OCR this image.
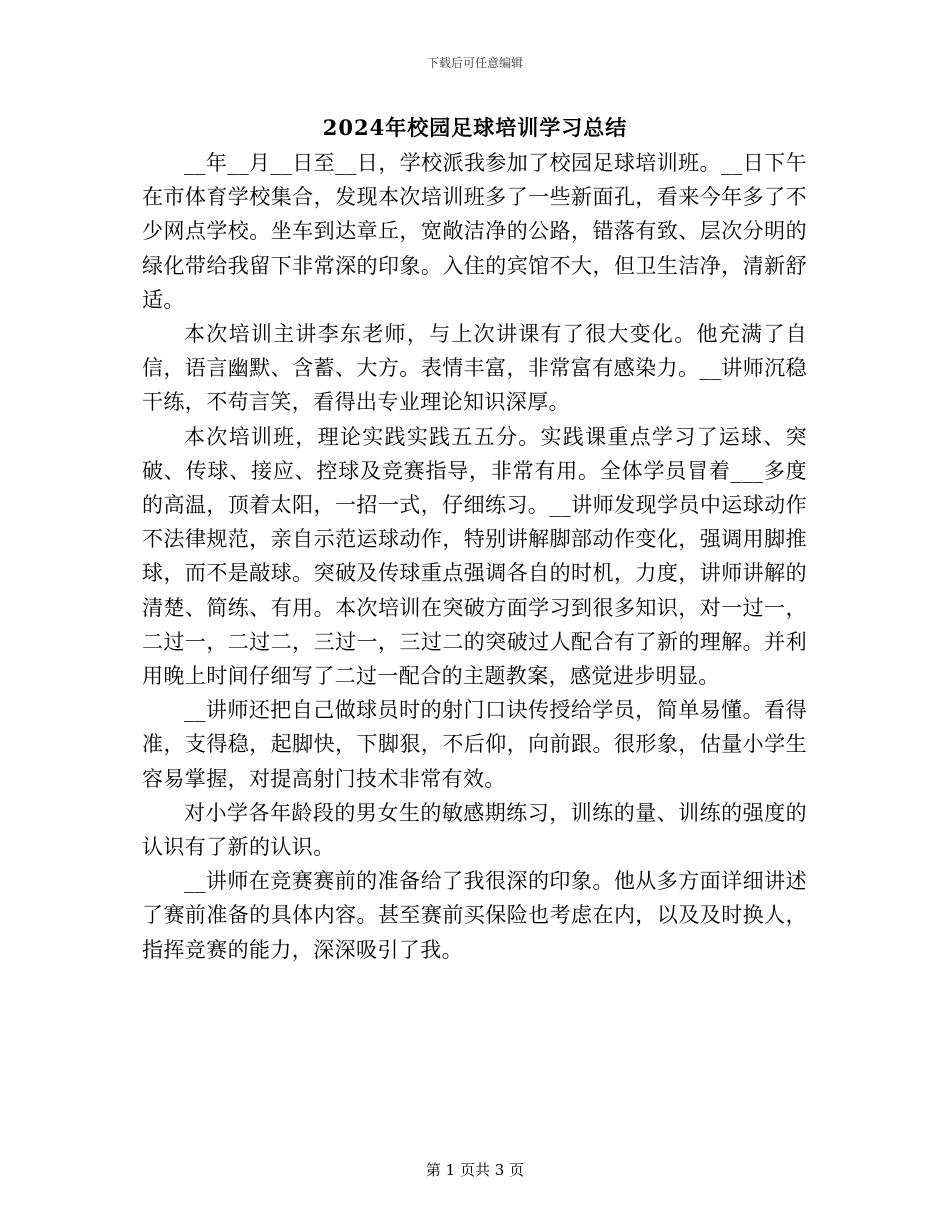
下载后可任意编辑
2024年校园足球培训学习总结

__年__月__日至__日，学校派我参加了校园足球培训班。__日下午在市体育学校集合，发现本次培训班多了一些新面孔，看来今年多了不少网点学校。坐车到达章丘，宽敞洁净的公路，错落有致、层次分明的绿化带给我留下非常深的印象。入住的宾馆不大，但卫生洁净，清新舒适。

本次培训主讲李东老师，与上次讲课有了很大变化。他充满了自信，语言幽默、含蓄、大方。表情丰富，非常富有感染力。__讲师沉稳干练，不苟言笑，看得出专业理论知识深厚。

本次培训班，理论实践实践五五分。实践课重点学习了运球、突破、传球、接应、控球及竞赛指导，非常有用。全体学员冒着___多度的高温，顶着太阳，一招一式，仔细练习。__讲师发现学员中运球动作不法律规范，亲自示范运球动作，特别讲解脚部动作变化，强调用脚推球，而不是敲球。突破及传球重点强调各自的时机，力度，讲师讲解的清楚、简练、有用。本次培训在突破方面学习到很多知识，对一过一，二过一，二过二，三过一，三过二的突破过人配合有了新的理解。并利用晚上时间仔细写了二过一配合的主题教案，感觉进步明显。

__讲师还把自己做球员时的射门口诀传授给学员，简单易懂。看得准，支得稳，起脚快，下脚狠，不后仰，向前跟。很形象，估量小学生容易掌握，对提高射门技术非常有效。

对小学各年龄段的男女生的敏感期练习，训练的量、训练的强度的认识有了新的认识。

__讲师在竞赛赛前的准备给了我很深的印象。他从多方面详细讲述了赛前准备的具体内容。甚至赛前买保险也考虑在内，以及及时换人，指挥竞赛的能力，深深吸引了我。

第 1 页共 3 页
